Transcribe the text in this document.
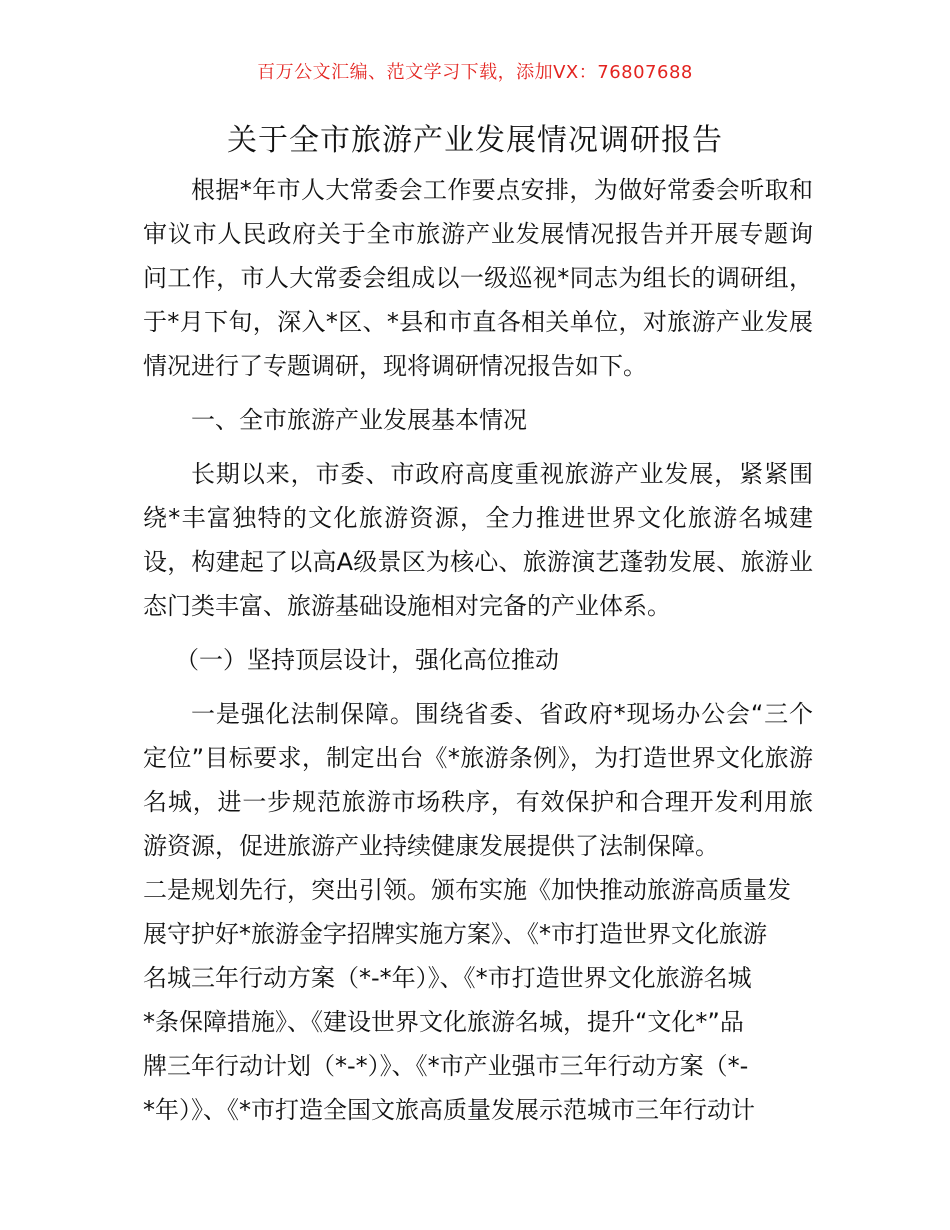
百万公文汇编、范文学习下载，添加VX：76807688
关于全市旅游产业发展情况调研报告

根据*年市人大常委会工作要点安排，为做好常委会听取和审议市人民政府关于全市旅游产业发展情况报告并开展专题询问工作，市人大常委会组成以一级巡视*同志为组长的调研组，于*月下旬，深入*区、*县和市直各相关单位，对旅游产业发展情况进行了专题调研，现将调研情况报告如下。

一、全市旅游产业发展基本情况

长期以来，市委、市政府高度重视旅游产业发展，紧紧围绕*丰富独特的文化旅游资源，全力推进世界文化旅游名城建设，构建起了以高A级景区为核心、旅游演艺蓬勃发展、旅游业态门类丰富、旅游基础设施相对完备的产业体系。

（一）坚持顶层设计，强化高位推动

一是强化法制保障。围绕省委、省政府*现场办公会“三个定位”目标要求，制定出台《*旅游条例》，为打造世界文化旅游名城，进一步规范旅游市场秩序，有效保护和合理开发利用旅游资源，促进旅游产业持续健康发展提供了法制保障。

二是规划先行，突出引领。颁布实施《加快推动旅游高质量发

展守护好*旅游金字招牌实施方案》、《*市打造世界文化旅游

名城三年行动方案（*-*年）》、《*市打造世界文化旅游名城

*条保障措施》、《建设世界文化旅游名城，提升“文化*”品

牌三年行动计划（*-*）》、《*市产业强市三年行动方案（*-

*年）》、《*市打造全国文旅高质量发展示范城市三年行动计
